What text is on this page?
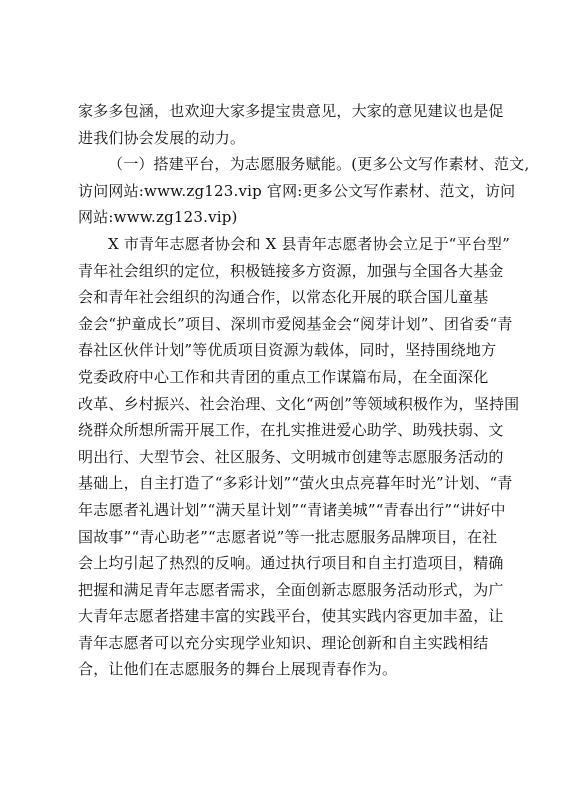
家多多包涵，也欢迎大家多提宝贵意见，大家的意见建议也是促
进我们协会发展的动力。
（一）搭建平台，为志愿服务赋能。(更多公文写作素材、范文,
访问网站:www.zg123.vip 官网:更多公文写作素材、范文，访问
网站:www.zg123.vip)
X 市青年志愿者协会和 X 县青年志愿者协会立足于“平台型”
青年社会组织的定位，积极链接多方资源，加强与全国各大基金
会和青年社会组织的沟通合作，以常态化开展的联合国儿童基
金会“护童成长”项目、深圳市爱阅基金会“阅芽计划”、团省委“青
春社区伙伴计划”等优质项目资源为载体，同时，坚持围绕地方
党委政府中心工作和共青团的重点工作谋篇布局，在全面深化
改革、乡村振兴、社会治理、文化“两创”等领域积极作为，坚持围
绕群众所想所需开展工作，在扎实推进爱心助学、助残扶弱、文
明出行、大型节会、社区服务、文明城市创建等志愿服务活动的
基础上，自主打造了“多彩计划”“萤火虫点亮暮年时光”计划、“青
年志愿者礼遇计划”“满天星计划”“青诸美城”“青春出行”“讲好中
国故事”“青心助老”“志愿者说”等一批志愿服务品牌项目，在社
会上均引起了热烈的反响。通过执行项目和自主打造项目，精确
把握和满足青年志愿者需求，全面创新志愿服务活动形式，为广
大青年志愿者搭建丰富的实践平台，使其实践内容更加丰盈，让
青年志愿者可以充分实现学业知识、理论创新和自主实践相结
合，让他们在志愿服务的舞台上展现青春作为。
